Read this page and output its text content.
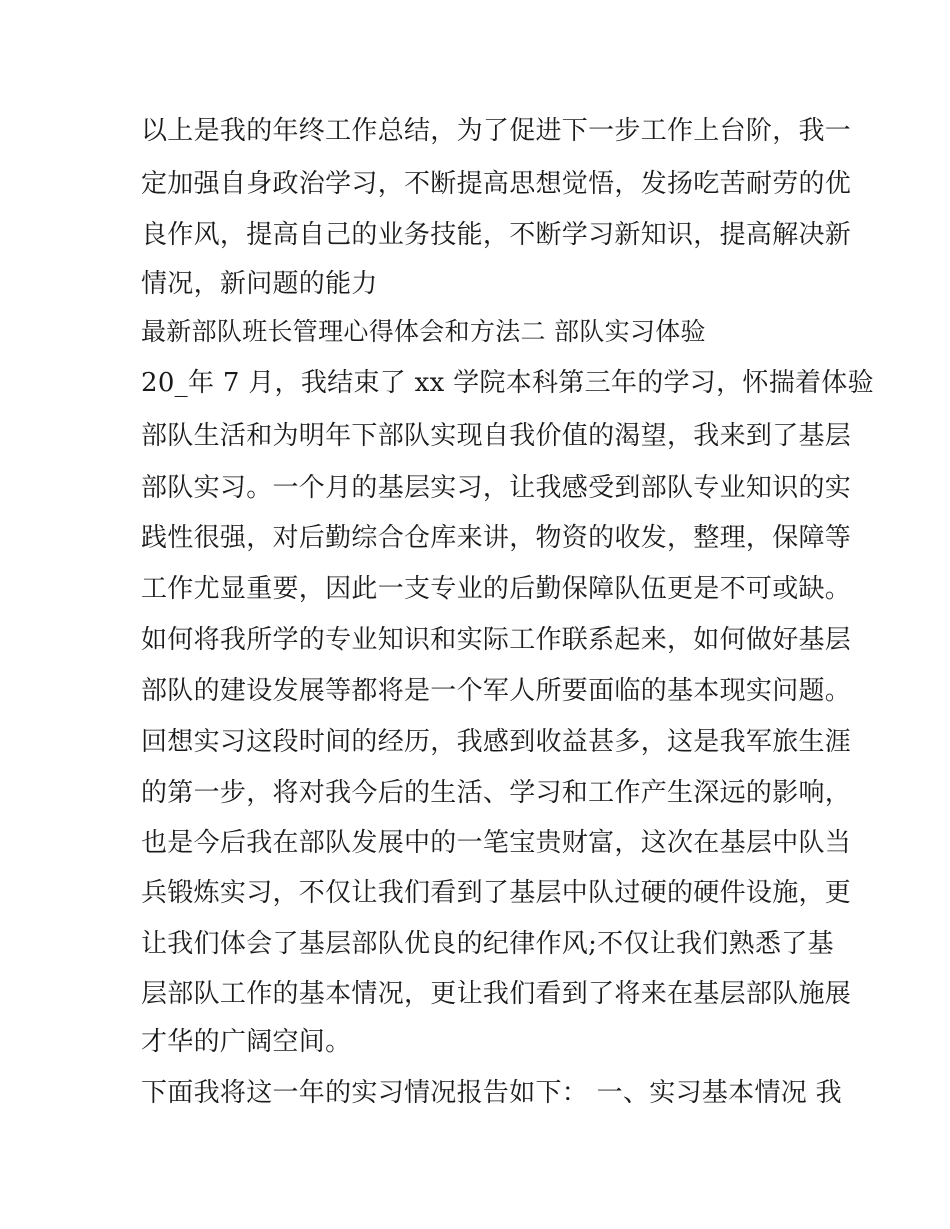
以上是我的年终工作总结，为了促进下一步工作上台阶，我一

定加强自身政治学习，不断提高思想觉悟，发扬吃苦耐劳的优

良作风，提高自己的业务技能，不断学习新知识，提高解决新

情况，新问题的能力

最新部队班长管理心得体会和方法二 部队实习体验

20_年 7 月，我结束了 xx 学院本科第三年的学习，怀揣着体验

部队生活和为明年下部队实现自我价值的渴望，我来到了基层

部队实习。一个月的基层实习，让我感受到部队专业知识的实

践性很强，对后勤综合仓库来讲，物资的收发，整理，保障等

工作尤显重要，因此一支专业的后勤保障队伍更是不可或缺。

如何将我所学的专业知识和实际工作联系起来，如何做好基层

部队的建设发展等都将是一个军人所要面临的基本现实问题。

回想实习这段时间的经历，我感到收益甚多，这是我军旅生涯

的第一步，将对我今后的生活、学习和工作产生深远的影响，

也是今后我在部队发展中的一笔宝贵财富，这次在基层中队当

兵锻炼实习，不仅让我们看到了基层中队过硬的硬件设施，更

让我们体会了基层部队优良的纪律作风;不仅让我们熟悉了基

层部队工作的基本情况，更让我们看到了将来在基层部队施展

才华的广阔空间。

下面我将这一年的实习情况报告如下： 一、实习基本情况 我
